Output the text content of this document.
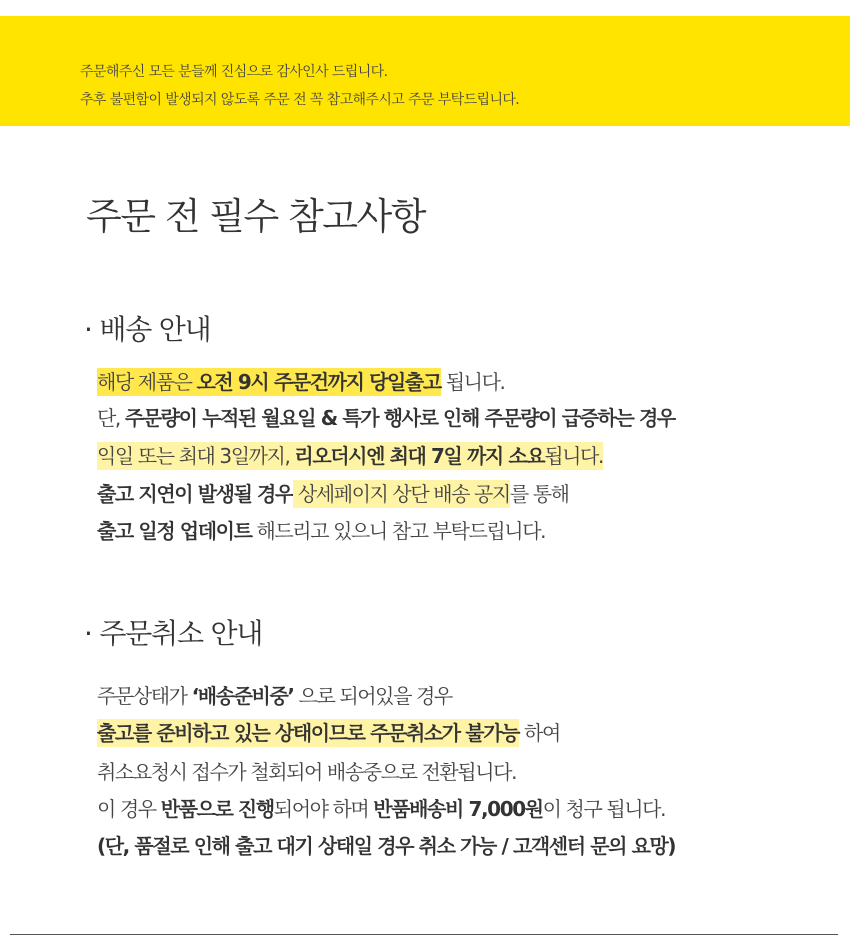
주문해주신 모든 분들께 진심으로 감사인사 드립니다.

추후 불편함이 발생되지 않도록 주문 전 꼭 참고해주시고 주문 부탁드립니다.

주문 전 필수 참고사항
· 배송 안내

해당 제품은 오전 9시 주문건까지 당일출고 됩니다.

단, 주문량이 누적된 월요일 & 특가 행사로 인해 주문량이 급증하는 경우

익일 또는 최대 3일까지, 리오더시엔 최대 7일 까지 소요됩니다.

출고 지연이 발생될 경우 상세페이지 상단 배송 공지를 통해

출고 일정 업데이트 해드리고 있으니 참고 부탁드립니다.

· 주문취소 안내

주문상태가 ‘배송준비중’ 으로 되어있을 경우

출고를 준비하고 있는 상태이므로 주문취소가 불가능 하여

취소요청시 접수가 철회되어 배송중으로 전환됩니다.

이 경우 반품으로 진행되어야 하며 반품배송비 7,000원이 청구 됩니다.

(단, 품절로 인해 출고 대기 상태일 경우 취소 가능 / 고객센터 문의 요망)
